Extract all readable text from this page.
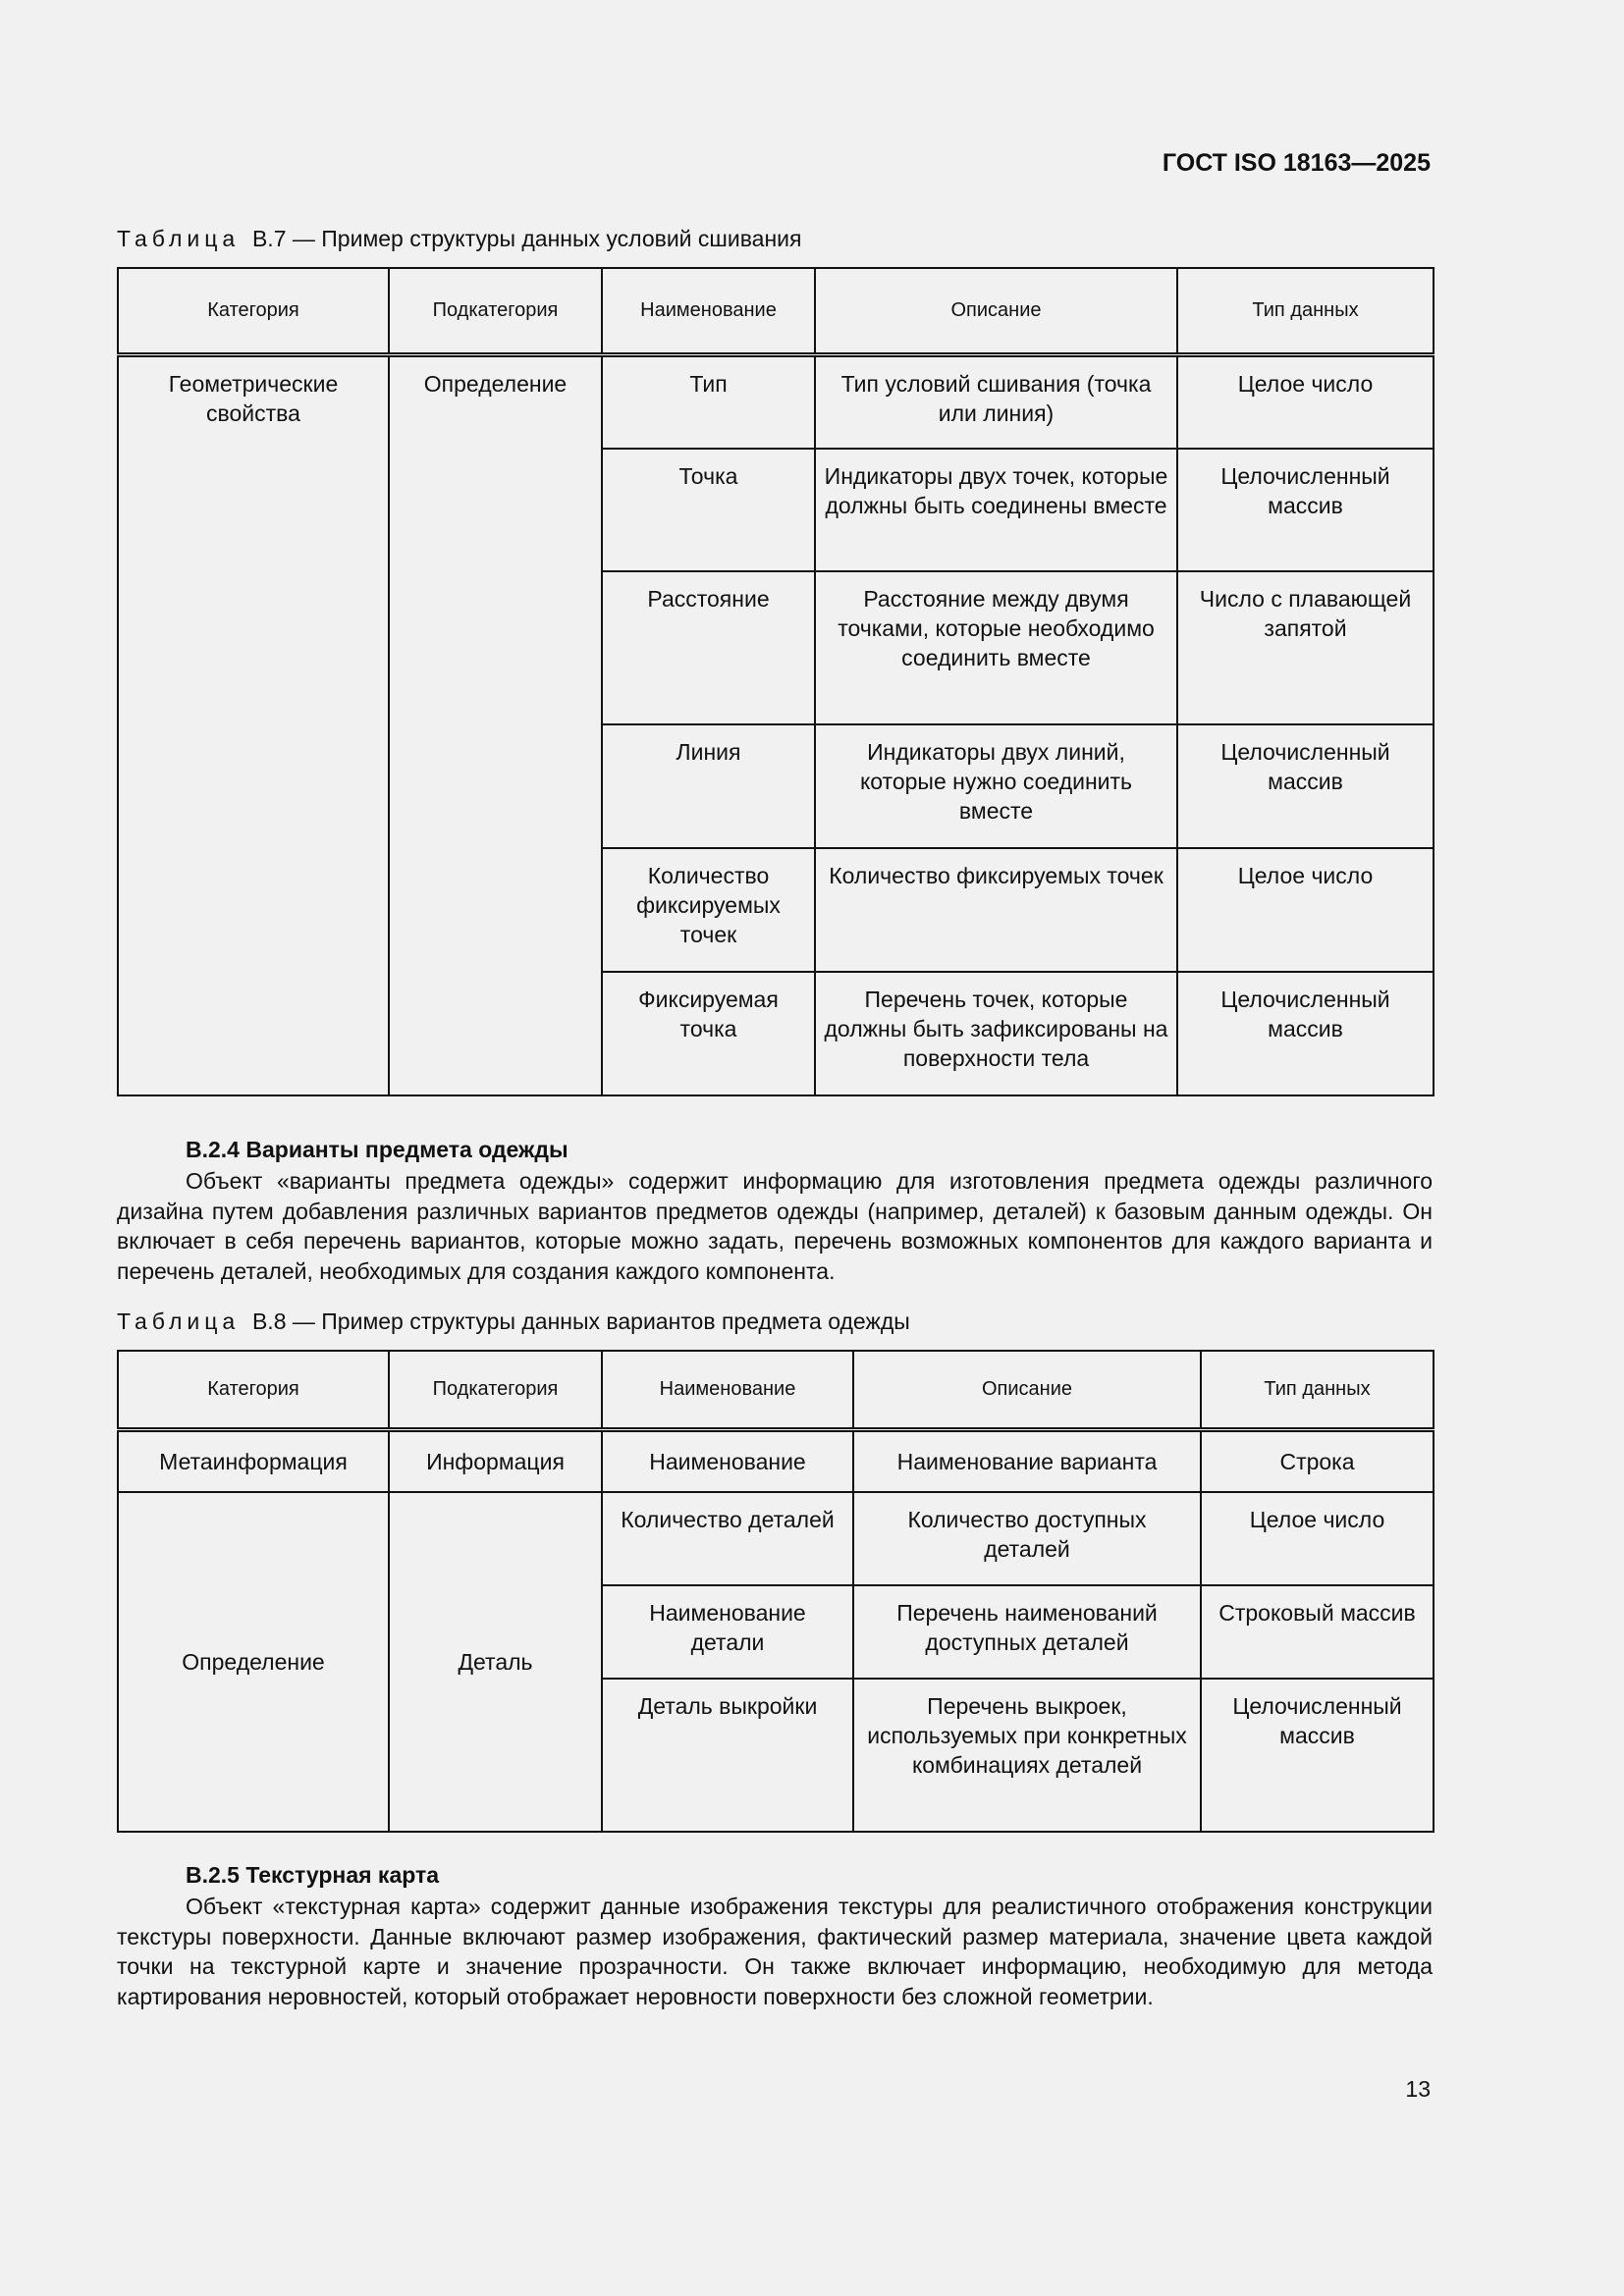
ГОСТ ISO 18163—2025
Таблица В.7 — Пример структуры данных условий сшивания
Категория	Подкатегория	Наименование	Описание	Тип данных
Геометрические свойства	Определение	Тип	Тип условий сшивания (точка или линия)	Целое число
		Точка	Индикаторы двух точек, которые должны быть соединены вместе	Целочисленный массив
		Расстояние	Расстояние между двумя точками, которые необходимо соединить вместе	Число с плавающей запятой
		Линия	Индикаторы двух линий, которые нужно соединить вместе	Целочисленный массив
		Количество фиксируемых точек	Количество фиксируемых точек	Целое число
		Фиксируемая точка	Перечень точек, которые должны быть зафиксированы на поверхности тела	Целочисленный массив
В.2.4 Варианты предмета одежды
Объект «варианты предмета одежды» содержит информацию для изготовления предмета одежды различного дизайна путем добавления различных вариантов предметов одежды (например, деталей) к базовым данным одежды. Он включает в себя перечень вариантов, которые можно задать, перечень возможных компонентов для каждого варианта и перечень деталей, необходимых для создания каждого компонента.
Таблица В.8 — Пример структуры данных вариантов предмета одежды
Категория	Подкатегория	Наименование	Описание	Тип данных
Метаинформация	Информация	Наименование	Наименование варианта	Строка
Определение	Деталь	Количество деталей	Количество доступных деталей	Целое число
		Наименование детали	Перечень наименований доступных деталей	Строковый массив
		Деталь выкройки	Перечень выкроек, используемых при конкретных комбинациях деталей	Целочисленный массив
В.2.5 Текстурная карта
Объект «текстурная карта» содержит данные изображения текстуры для реалистичного отображения конструкции текстуры поверхности. Данные включают размер изображения, фактический размер материала, значение цвета каждой точки на текстурной карте и значение прозрачности. Он также включает информацию, необходимую для метода картирования неровностей, который отображает неровности поверхности без сложной геометрии.
13
